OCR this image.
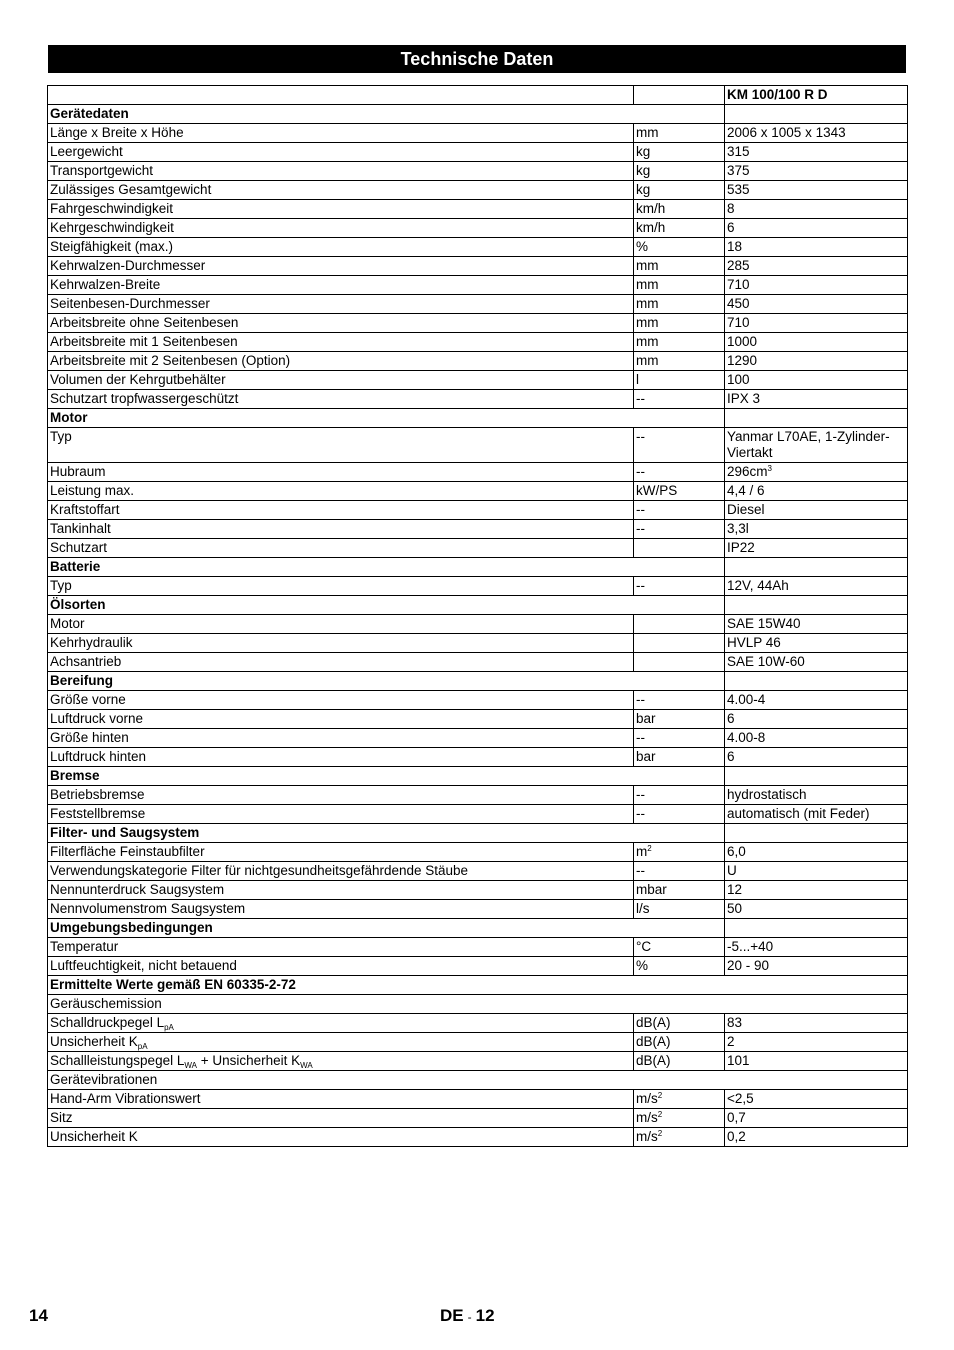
Technische Daten
		KM 100/100 R D
Gerätedaten		
Länge x Breite x Höhe	mm	2006 x 1005 x 1343
Leergewicht	kg	315
Transportgewicht	kg	375
Zulässiges Gesamtgewicht	kg	535
Fahrgeschwindigkeit	km/h	8
Kehrgeschwindigkeit	km/h	6
Steigfähigkeit (max.)	%	18
Kehrwalzen-Durchmesser	mm	285
Kehrwalzen-Breite	mm	710
Seitenbesen-Durchmesser	mm	450
Arbeitsbreite ohne Seitenbesen	mm	710
Arbeitsbreite mit 1 Seitenbesen	mm	1000
Arbeitsbreite mit 2 Seitenbesen (Option)	mm	1290
Volumen der Kehrgutbehälter	l	100
Schutzart tropfwassergeschützt	--	IPX 3
Motor		
Typ	--	Yanmar L70AE, 1-Zylinder-Viertakt
Hubraum	--	$296cm^3$
Leistung max.	kW/PS	4,4 / 6
Kraftstoffart	--	Diesel
Tankinhalt	--	3,3l
Schutzart		IP22
Batterie		
Typ	--	12V, 44Ah
Ölsorten		
Motor		SAE 15W40
Kehrhydraulik		HVLP 46
Achsantrieb		SAE 10W-60
Bereifung		
Größe vorne	--	4.00-4
Luftdruck vorne	bar	6
Größe hinten	--	4.00-8
Luftdruck hinten	bar	6
Bremse		
Betriebsbremse	--	hydrostatisch
Feststellbremse	--	automatisch (mit Feder)
Filter- und Saugsystem		
Filterfläche Feinstaubfilter	$m^2$	6,0
Verwendungskategorie Filter für nichtgesundheitsgefährdende Stäube	--	U
Nennunterdruck Saugsystem	mbar	12
Nennvolumenstrom Saugsystem	l/s	50
Umgebungsbedingungen		
Temperatur	°C	-5...+40
Luftfeuchtigkeit, nicht betauend	%	20 - 90
Ermittelte Werte gemäß EN 60335-2-72		
Geräuschemission		
Schalldruckpegel $L_{pA}$	dB(A)	83
Unsicherheit $K_{pA}$	dB(A)	2
Schallleistungspegel $L_{WA}$ + Unsicherheit $K_{WA}$	dB(A)	101
Gerätevibrationen		
Hand-Arm Vibrationswert	$m/s^2$	<2,5
Sitz	$m/s^2$	0,7
Unsicherheit K	$m/s^2$	0,2
14	DE - 12
